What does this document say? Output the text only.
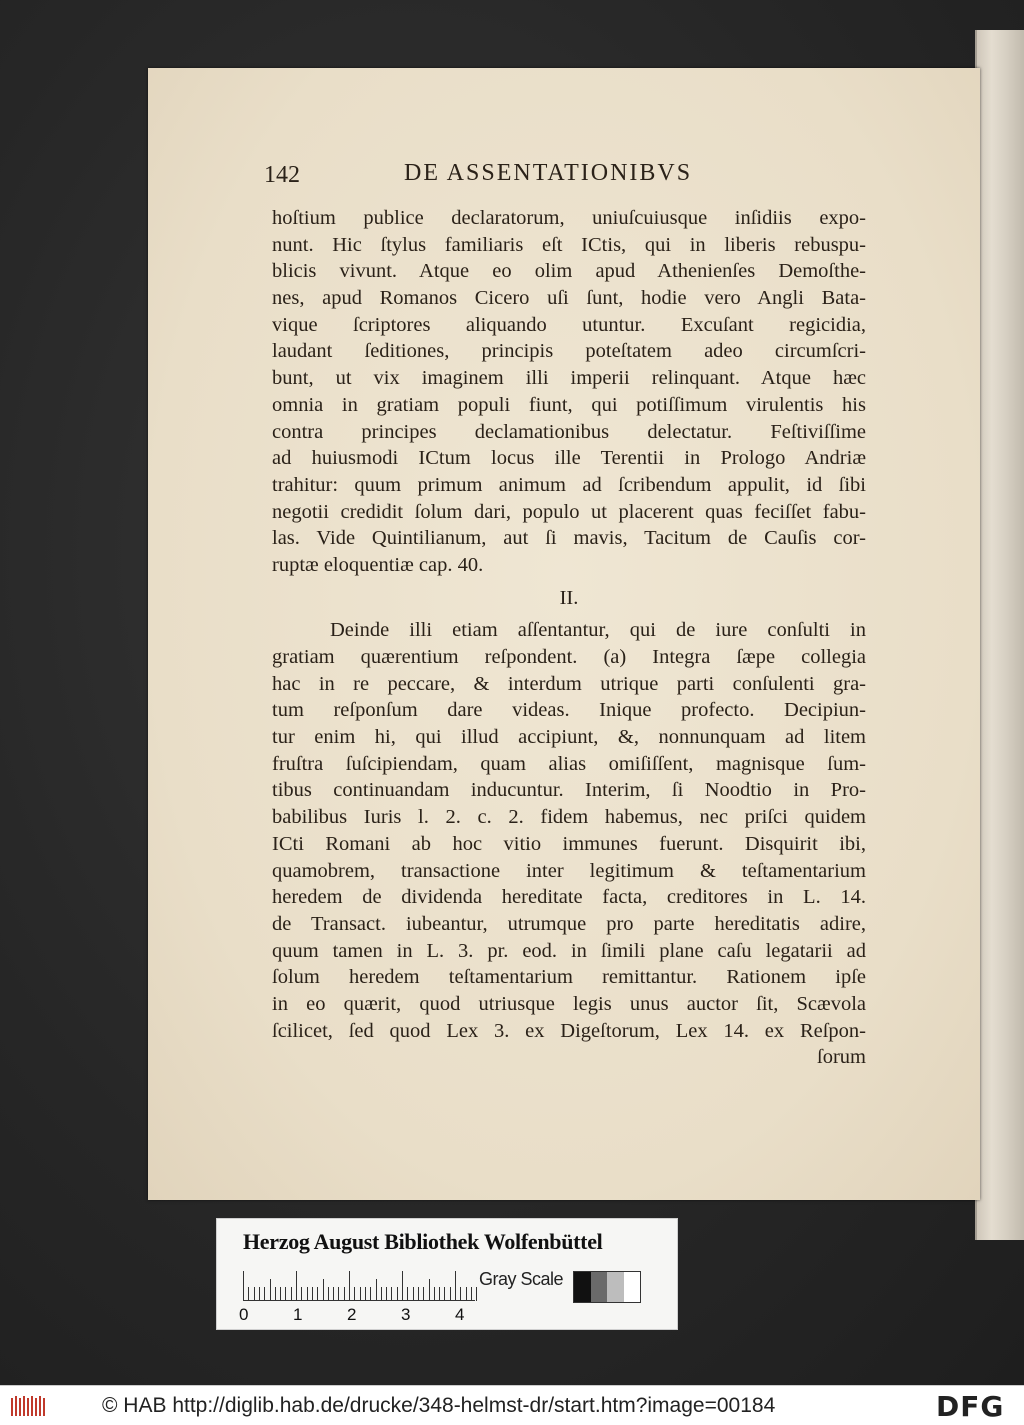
142	DE ASSENTATIONIBVS
hoſtium publice declaratorum, uniuſcuiusque inſidiis expo-
nunt. Hic ſtylus familiaris eſt ICtis, qui in liberis rebuspu-
blicis vivunt. Atque eo olim apud Athenienſes Demoſthe-
nes, apud Romanos Cicero uſi ſunt, hodie vero Angli Bata-
vique ſcriptores aliquando utuntur. Excuſant regicidia,
laudant ſeditiones, principis poteſtatem adeo circumſcri-
bunt, ut vix imaginem illi imperii relinquant. Atque hæc
omnia in gratiam populi fiunt, qui potiſſimum virulentis his
contra principes declamationibus delectatur. Feſtiviſſime
ad huiusmodi ICtum locus ille Terentii in Prologo Andriæ
trahitur: quum primum animum ad ſcribendum appulit, id ſibi
negotii credidit ſolum dari, populo ut placerent quas feciſſet fabu-
las. Vide Quintilianum, aut ſi mavis, Tacitum de Cauſis cor-
ruptæ eloquentiæ cap. 40.
II.
Deinde illi etiam aſſentantur, qui de iure conſulti in
gratiam quærentium reſpondent. (a) Integra ſæpe collegia
hac in re peccare, & interdum utrique parti conſulenti gra-
tum reſponſum dare videas. Inique profecto. Decipiun-
tur enim hi, qui illud accipiunt, &, nonnunquam ad litem
fruſtra ſuſcipiendam, quam alias omiſiſſent, magnisque ſum-
tibus continuandam inducuntur. Interim, ſi Noodtio in Pro-
babilibus Iuris l. 2. c. 2. fidem habemus, nec priſci quidem
ICti Romani ab hoc vitio immunes fuerunt. Disquirit ibi,
quamobrem, transactione inter legitimum & teſtamentarium
heredem de dividenda hereditate facta, creditores in L. 14.
de Transact. iubeantur, utrumque pro parte hereditatis adire,
quum tamen in L. 3. pr. eod. in ſimili plane caſu legatarii ad
ſolum heredem teſtamentarium remittantur. Rationem ipſe
in eo quærit, quod utriusque legis unus auctor ſit, Scævola
ſcilicet, ſed quod Lex 3. ex Digeſtorum, Lex 14. ex Reſpon-
ſorum
Herzog August Bibliothek Wolfenbüttel
0	1	2	3	4
Gray Scale
© HAB http://diglib.hab.de/drucke/348-helmst-dr/start.htm?image=00184	DFG
